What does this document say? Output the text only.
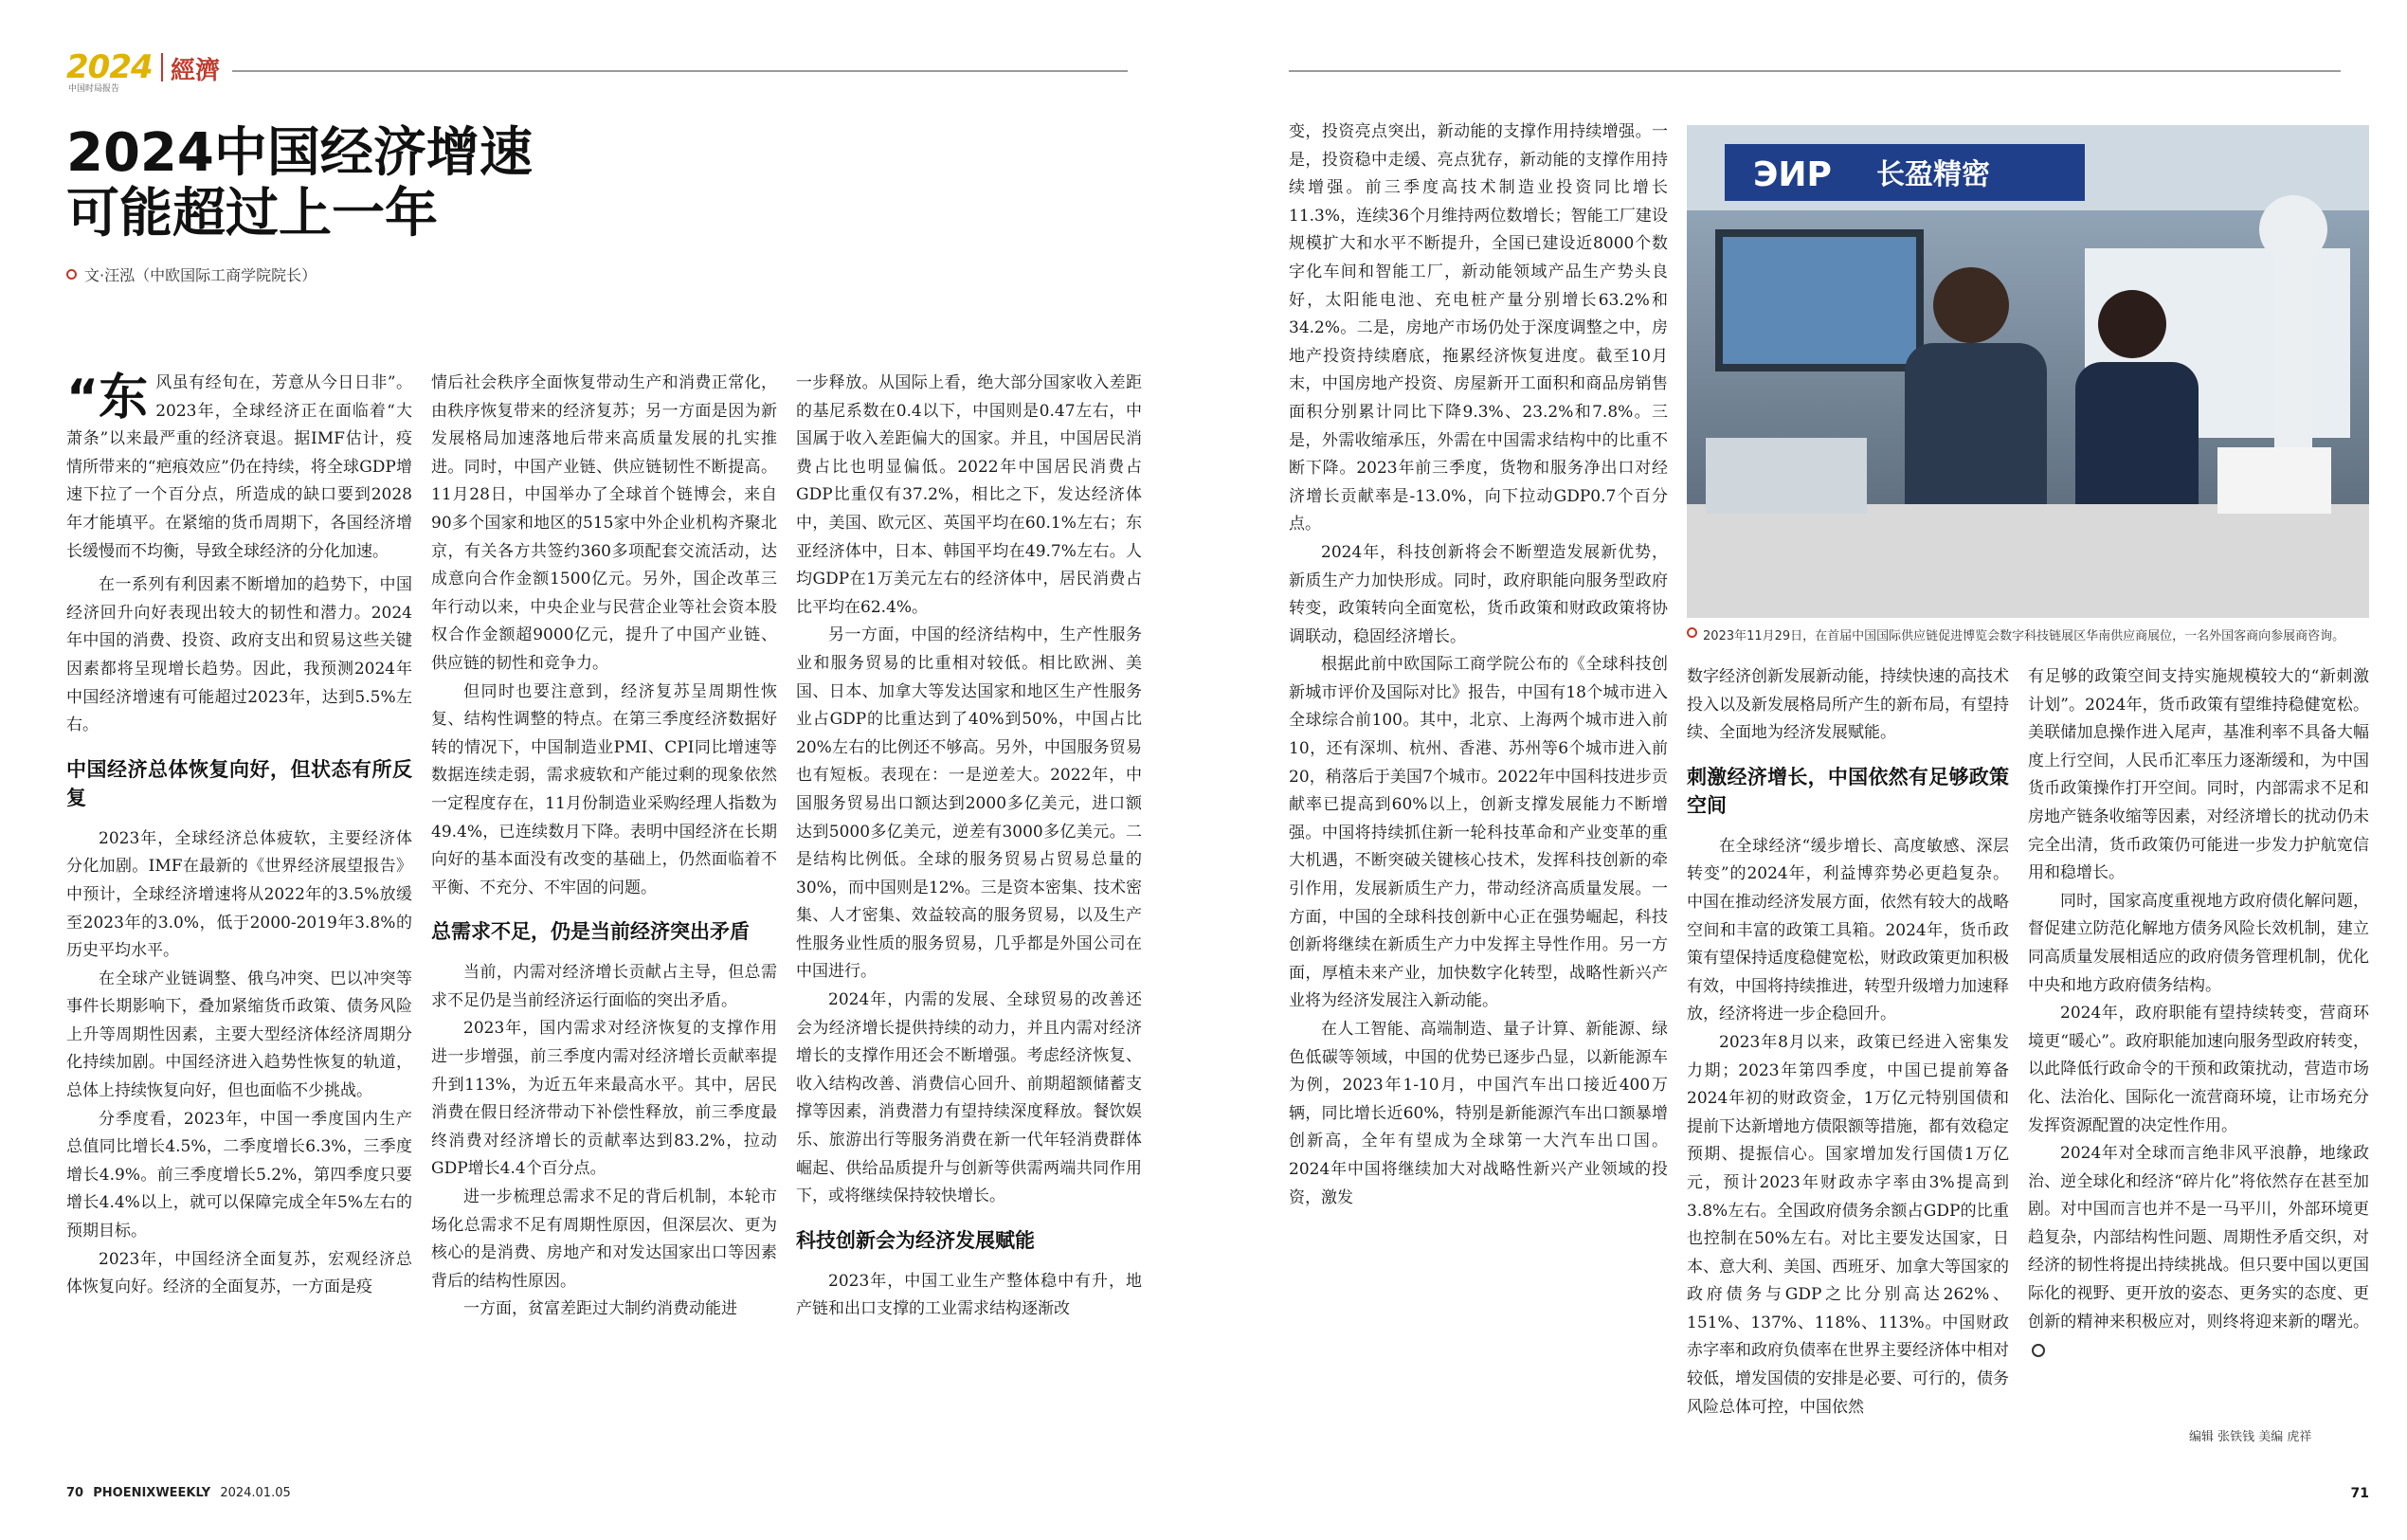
2024
中国时局报告
經濟
2024中国经济增速
可能超过上一年
文·汪泓（中欧国际工商学院院长）

“东风虽有经旬在，芳意从今日日非”。2023年，全球经济正在面临着“大萧条”以来最严重的经济衰退。据IMF估计，疫情所带来的“疤痕效应”仍在持续，将全球GDP增速下拉了一个百分点，所造成的缺口要到2028年才能填平。在紧缩的货币周期下，各国经济增长缓慢而不均衡，导致全球经济的分化加速。

在一系列有利因素不断增加的趋势下，中国经济回升向好表现出较大的韧性和潜力。2024年中国的消费、投资、政府支出和贸易这些关键因素都将呈现增长趋势。因此，我预测2024年中国经济增速有可能超过2023年，达到5.5%左右。

中国经济总体恢复向好，但状态有所反复

2023年，全球经济总体疲软，主要经济体分化加剧。IMF在最新的《世界经济展望报告》中预计，全球经济增速将从2022年的3.5%放缓至2023年的3.0%，低于2000-2019年3.8%的历史平均水平。

在全球产业链调整、俄乌冲突、巴以冲突等事件长期影响下，叠加紧缩货币政策、债务风险上升等周期性因素，主要大型经济体经济周期分化持续加剧。中国经济进入趋势性恢复的轨道，总体上持续恢复向好，但也面临不少挑战。

分季度看，2023年，中国一季度国内生产总值同比增长4.5%，二季度增长6.3%，三季度增长4.9%。前三季度增长5.2%，第四季度只要增长4.4%以上，就可以保障完成全年5%左右的预期目标。

2023年，中国经济全面复苏，宏观经济总体恢复向好。经济的全面复苏，一方面是疫

情后社会秩序全面恢复带动生产和消费正常化，由秩序恢复带来的经济复苏；另一方面是因为新发展格局加速落地后带来高质量发展的扎实推进。同时，中国产业链、供应链韧性不断提高。11月28日，中国举办了全球首个链博会，来自90多个国家和地区的515家中外企业机构齐聚北京，有关各方共签约360多项配套交流活动，达成意向合作金额1500亿元。另外，国企改革三年行动以来，中央企业与民营企业等社会资本股权合作金额超9000亿元，提升了中国产业链、供应链的韧性和竞争力。

但同时也要注意到，经济复苏呈周期性恢复、结构性调整的特点。在第三季度经济数据好转的情况下，中国制造业PMI、CPI同比增速等数据连续走弱，需求疲软和产能过剩的现象依然一定程度存在，11月份制造业采购经理人指数为49.4%，已连续数月下降。表明中国经济在长期向好的基本面没有改变的基础上，仍然面临着不平衡、不充分、不牢固的问题。

总需求不足，仍是当前经济突出矛盾

当前，内需对经济增长贡献占主导，但总需求不足仍是当前经济运行面临的突出矛盾。

2023年，国内需求对经济恢复的支撑作用进一步增强，前三季度内需对经济增长贡献率提升到113%，为近五年来最高水平。其中，居民消费在假日经济带动下补偿性释放，前三季度最终消费对经济增长的贡献率达到83.2%，拉动GDP增长4.4个百分点。

进一步梳理总需求不足的背后机制，本轮市场化总需求不足有周期性原因，但深层次、更为核心的是消费、房地产和对发达国家出口等因素背后的结构性原因。

一方面，贫富差距过大制约消费动能进

一步释放。从国际上看，绝大部分国家收入差距的基尼系数在0.4以下，中国则是0.47左右，中国属于收入差距偏大的国家。并且，中国居民消费占比也明显偏低。2022年中国居民消费占GDP比重仅有37.2%，相比之下，发达经济体中，美国、欧元区、英国平均在60.1%左右；东亚经济体中，日本、韩国平均在49.7%左右。人均GDP在1万美元左右的经济体中，居民消费占比平均在62.4%。

另一方面，中国的经济结构中，生产性服务业和服务贸易的比重相对较低。相比欧洲、美国、日本、加拿大等发达国家和地区生产性服务业占GDP的比重达到了40%到50%，中国占比20%左右的比例还不够高。另外，中国服务贸易也有短板。表现在：一是逆差大。2022年，中国服务贸易出口额达到2000多亿美元，进口额达到5000多亿美元，逆差有3000多亿美元。二是结构比例低。全球的服务贸易占贸易总量的30%，而中国则是12%。三是资本密集、技术密集、人才密集、效益较高的服务贸易，以及生产性服务业性质的服务贸易，几乎都是外国公司在中国进行。

2024年，内需的发展、全球贸易的改善还会为经济增长提供持续的动力，并且内需对经济增长的支撑作用还会不断增强。考虑经济恢复、收入结构改善、消费信心回升、前期超额储蓄支撑等因素，消费潜力有望持续深度释放。餐饮娱乐、旅游出行等服务消费在新一代年轻消费群体崛起、供给品质提升与创新等供需两端共同作用下，或将继续保持较快增长。

科技创新会为经济发展赋能

2023年，中国工业生产整体稳中有升，地产链和出口支撑的工业需求结构逐渐改

70 PHOENIXWEEKLY 2024.01.05

变，投资亮点突出，新动能的支撑作用持续增强。一是，投资稳中走缓、亮点犹存，新动能的支撑作用持续增强。前三季度高技术制造业投资同比增长11.3%，连续36个月维持两位数增长；智能工厂建设规模扩大和水平不断提升，全国已建设近8000个数字化车间和智能工厂，新动能领域产品生产势头良好，太阳能电池、充电桩产量分别增长63.2%和34.2%。二是，房地产市场仍处于深度调整之中，房地产投资持续磨底，拖累经济恢复进度。截至10月末，中国房地产投资、房屋新开工面积和商品房销售面积分别累计同比下降9.3%、23.2%和7.8%。三是，外需收缩承压，外需在中国需求结构中的比重不断下降。2023年前三季度，货物和服务净出口对经济增长贡献率是-13.0%，向下拉动GDP0.7个百分点。

2024年，科技创新将会不断塑造发展新优势，新质生产力加快形成。同时，政府职能向服务型政府转变，政策转向全面宽松，货币政策和财政政策将协调联动，稳固经济增长。

根据此前中欧国际工商学院公布的《全球科技创新城市评价及国际对比》报告，中国有18个城市进入全球综合前100。其中，北京、上海两个城市进入前10，还有深圳、杭州、香港、苏州等6个城市进入前20，稍落后于美国7个城市。2022年中国科技进步贡献率已提高到60%以上，创新支撑发展能力不断增强。中国将持续抓住新一轮科技革命和产业变革的重大机遇，不断突破关键核心技术，发挥科技创新的牵引作用，发展新质生产力，带动经济高质量发展。一方面，中国的全球科技创新中心正在强势崛起，科技创新将继续在新质生产力中发挥主导性作用。另一方面，厚植未来产业，加快数字化转型，战略性新兴产业将为经济发展注入新动能。

在人工智能、高端制造、量子计算、新能源、绿色低碳等领域，中国的优势已逐步凸显，以新能源车为例，2023年1-10月，中国汽车出口接近400万辆，同比增长近60%，特别是新能源汽车出口额暴增创新高，全年有望成为全球第一大汽车出口国。2024年中国将继续加大对战略性新兴产业领域的投资，激发

ЭИP 长盈精密
2023年11月29日，在首届中国国际供应链促进博览会数字科技链展区华南供应商展位，一名外国客商向参展商咨询。

数字经济创新发展新动能，持续快速的高技术投入以及新发展格局所产生的新布局，有望持续、全面地为经济发展赋能。

刺激经济增长，中国依然有足够政策空间

在全球经济“缓步增长、高度敏感、深层转变”的2024年，利益博弈势必更趋复杂。中国在推动经济发展方面，依然有较大的战略空间和丰富的政策工具箱。2024年，货币政策有望保持适度稳健宽松，财政政策更加积极有效，中国将持续推进，转型升级增力加速释放，经济将进一步企稳回升。

2023年8月以来，政策已经进入密集发力期；2023年第四季度，中国已提前筹备2024年初的财政资金，1万亿元特别国债和提前下达新增地方债限额等措施，都有效稳定预期、提振信心。国家增加发行国债1万亿元，预计2023年财政赤字率由3%提高到3.8%左右。全国政府债务余额占GDP的比重也控制在50%左右。对比主要发达国家，日本、意大利、美国、西班牙、加拿大等国家的政府债务与GDP之比分别高达262%、151%、137%、118%、113%。中国财政赤字率和政府负债率在世界主要经济体中相对较低，增发国债的安排是必要、可行的，债务风险总体可控，中国依然

有足够的政策空间支持实施规模较大的“新刺激计划”。2024年，货币政策有望维持稳健宽松。美联储加息操作进入尾声，基准利率不具备大幅度上行空间，人民币汇率压力逐渐缓和，为中国货币政策操作打开空间。同时，内部需求不足和房地产链条收缩等因素，对经济增长的扰动仍未完全出清，货币政策仍可能进一步发力护航宽信用和稳增长。

同时，国家高度重视地方政府债化解问题，督促建立防范化解地方债务风险长效机制，建立同高质量发展相适应的政府债务管理机制，优化中央和地方政府债务结构。

2024年，政府职能有望持续转变，营商环境更“暖心”。政府职能加速向服务型政府转变，以此降低行政命令的干预和政策扰动，营造市场化、法治化、国际化一流营商环境，让市场充分发挥资源配置的决定性作用。

2024年对全球而言绝非风平浪静，地缘政治、逆全球化和经济“碎片化”将依然存在甚至加剧。对中国而言也并不是一马平川，外部环境更趋复杂，内部结构性问题、周期性矛盾交织，对经济的韧性将提出持续挑战。但只要中国以更国际化的视野、更开放的姿态、更务实的态度、更创新的精神来积极应对，则终将迎来新的曙光。

编辑 张铁钱 美编 虎祥
71
